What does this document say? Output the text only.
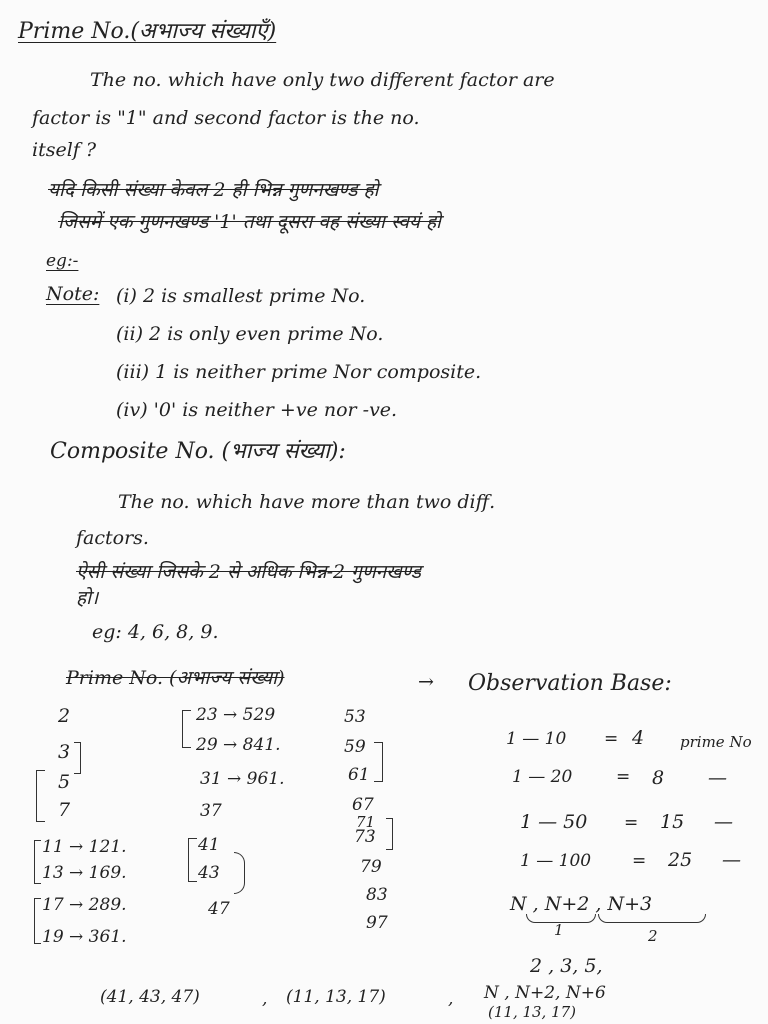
Prime No.(अभाज्य संख्याएँ)
The no. which have only two different factor are
factor is "1" and second factor is the no.
itself ?
यदि किसी संख्या केवल 2 ही भिन्न गुणनखण्ड हो
जिसमें एक गुणनखण्ड '1' तथा दूसरा वह संख्या स्वयं हो
eg:-
Note: (i) 2 is smallest prime No.
(ii) 2 is only even prime No.
(iii) 1 is neither prime Nor composite.
(iv) '0' is neither +ve nor -ve.
Composite No. (भाज्य संख्या):
The no. which have more than two diff.
factors.
ऐसी संख्या जिसके 2 से अधिक भिन्न-2 गुणनखण्ड
हो।
eg: 4, 6, 8, 9.
Prime No. (अभाज्य संख्या)	→ Observation Base:
2
3
5
7
11 → 121.
13 → 169.
17 → 289.
19 → 361.
23 → 529
29 → 841.
31 → 961.
37
41
43
47
53
59
61
67
71
73
79
83
97
1 — 10 = 4 prime No
1 — 20	= 8 —
1 — 50 = 15 —
1 — 100 = 25 —
N , N+2 , N+3
1	2
2 , 3, 5,
(41, 43, 47)	, (11, 13, 17)	, N , N+2, N+6
(11, 13, 17)
